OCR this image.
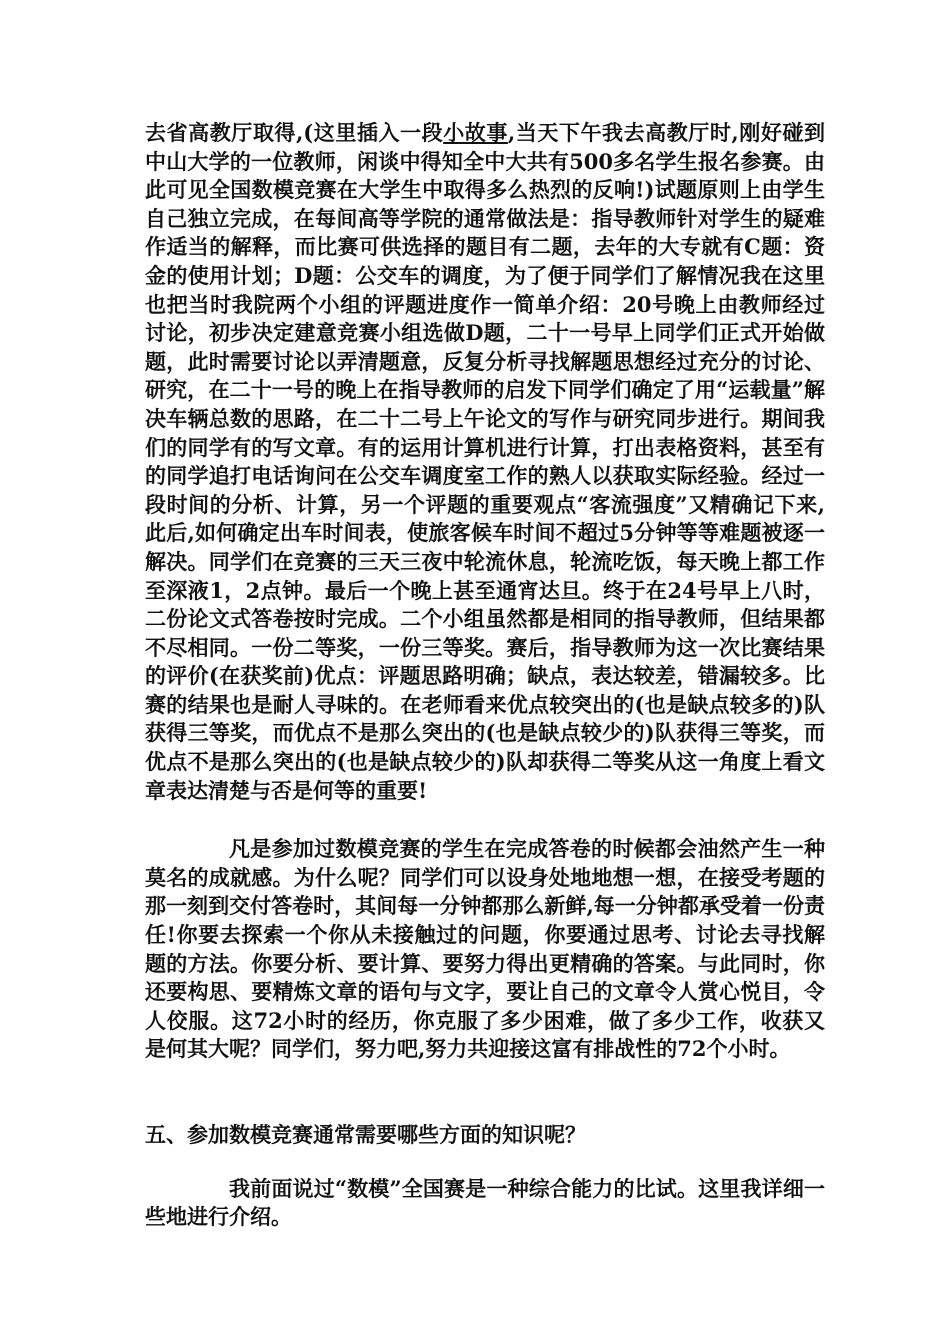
去省高教厅取得,(这里插入一段小故事,当天下午我去高教厅时,刚好碰到中山大学的一位教师，闲谈中得知全中大共有500多名学生报名参赛。由此可见全国数模竞赛在大学生中取得多么热烈的反响!)试题原则上由学生自己独立完成，在每间高等学院的通常做法是：指导教师针对学生的疑难作适当的解释，而比赛可供选择的题目有二题，去年的大专就有C题：资金的使用计划；D题：公交车的调度，为了便于同学们了解情况我在这里也把当时我院两个小组的评题进度作一简单介绍：20号晚上由教师经过讨论，初步决定建意竞赛小组选做D题，二十一号早上同学们正式开始做题，此时需要讨论以弄清题意，反复分析寻找解题思想经过充分的讨论、研究，在二十一号的晚上在指导教师的启发下同学们确定了用“运载量”解决车辆总数的思路，在二十二号上午论文的写作与研究同步进行。期间我们的同学有的写文章。有的运用计算机进行计算，打出表格资料，甚至有的同学追打电话询问在公交车调度室工作的熟人以获取实际经验。经过一段时间的分析、计算，另一个评题的重要观点“客流强度”又精确记下来,此后,如何确定出车时间表，使旅客候车时间不超过5分钟等等难题被逐一解决。同学们在竞赛的三天三夜中轮流休息，轮流吃饭，每天晚上都工作至深液1，2点钟。最后一个晚上甚至通宵达旦。终于在24号早上八时，二份论文式答卷按时完成。二个小组虽然都是相同的指导教师，但结果都不尽相同。一份二等奖，一份三等奖。赛后，指导教师为这一次比赛结果的评价(在获奖前)优点：评题思路明确；缺点，表达较差，错漏较多。比赛的结果也是耐人寻味的。在老师看来优点较突出的(也是缺点较多的)队获得三等奖，而优点不是那么突出的(也是缺点较少的)队获得三等奖，而优点不是那么突出的(也是缺点较少的)队却获得二等奖从这一角度上看文章表达清楚与否是何等的重要!

凡是参加过数模竞赛的学生在完成答卷的时候都会油然产生一种莫名的成就感。为什么呢？同学们可以设身处地地想一想，在接受考题的那一刻到交付答卷时，其间每一分钟都那么新鲜,每一分钟都承受着一份责任!你要去探索一个你从未接触过的问题，你要通过思考、讨论去寻找解题的方法。你要分析、要计算、要努力得出更精确的答案。与此同时，你还要构思、要精炼文章的语句与文字，要让自己的文章令人赏心悦目，令人佼服。这72小时的经历，你克服了多少困难，做了多少工作，收获又是何其大呢？同学们，努力吧,努力共迎接这富有排战性的72个小时。

五、参加数模竞赛通常需要哪些方面的知识呢？

我前面说过“数模”全国赛是一种综合能力的比试。这里我详细一些地进行介绍。
